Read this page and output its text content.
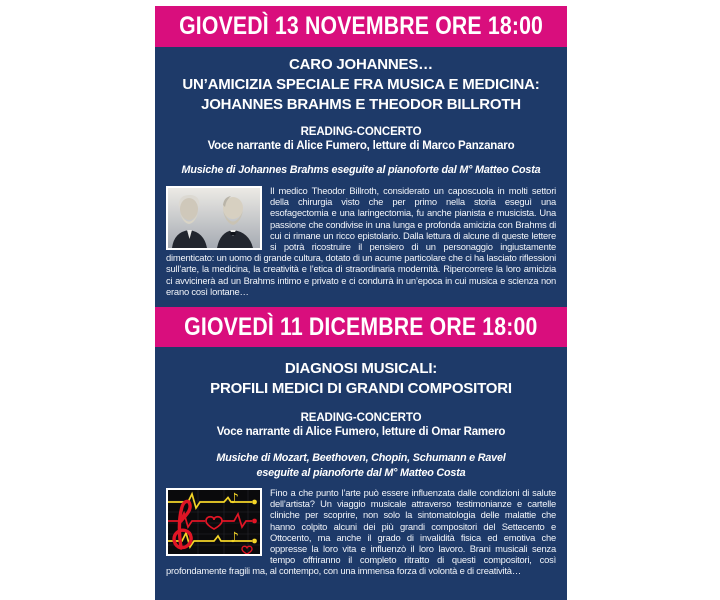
GIOVEDÌ 13 NOVEMBRE ORE 18:00
CARO JOHANNES…
UN’AMICIZIA SPECIALE FRA MUSICA E MEDICINA:
JOHANNES BRAHMS E THEODOR BILLROTH
READING-CONCERTO
Voce narrante di Alice Fumero, letture di Marco Panzanaro
Musiche di Johannes Brahms eseguite al pianoforte dal M° Matteo Costa
Il medico Theodor Billroth, considerato un caposcuola in molti settori della chirurgia visto che per primo nella storia eseguì una esofagectomia e una laringectomia, fu anche pianista e musicista. Una passione che condivise in una lunga e profonda amicizia con Brahms di cui ci rimane un ricco epistolario. Dalla lettura di alcune di queste lettere si potrà ricostruire il pensiero di un personaggio ingiustamente dimenticato: un uomo di grande cultura, dotato di un acume particolare che ci ha lasciato riflessioni sull’arte, la medicina, la creatività e l’etica di straordinaria modernità. Ripercorrere la loro amicizia ci avvicinerà ad un Brahms intimo e privato e ci condurrà in un’epoca in cui musica e scienza non erano così lontane…
GIOVEDÌ 11 DICEMBRE ORE 18:00
DIAGNOSI MUSICALI:
PROFILI MEDICI DI GRANDI COMPOSITORI
READING-CONCERTO
Voce narrante di Alice Fumero, letture di Omar Ramero
Musiche di Mozart, Beethoven, Chopin, Schumann e Ravel
eseguite al pianoforte dal M° Matteo Costa
♪
♪
Fino a che punto l’arte può essere influenzata dalle condizioni di salute dell’artista? Un viaggio musicale attraverso testimonianze e cartelle cliniche per scoprire, non solo la sintomatologia delle malattie che hanno colpito alcuni dei più grandi compositori del Settecento e Ottocento, ma anche il grado di invalidità fisica ed emotiva che oppresse la loro vita e influenzò il loro lavoro. Brani musicali senza tempo offriranno il completo ritratto di questi compositori, così profondamente fragili ma, al contempo, con una immensa forza di volontà e di creatività…
